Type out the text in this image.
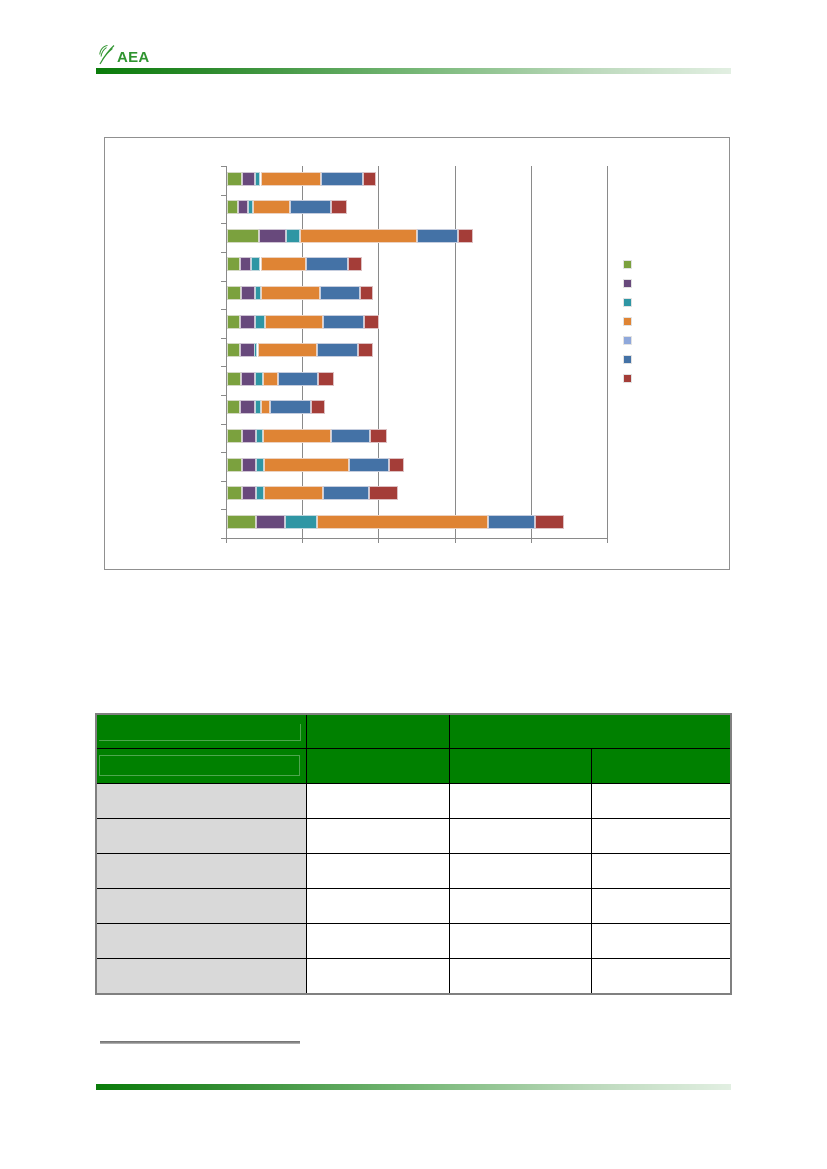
AEA
